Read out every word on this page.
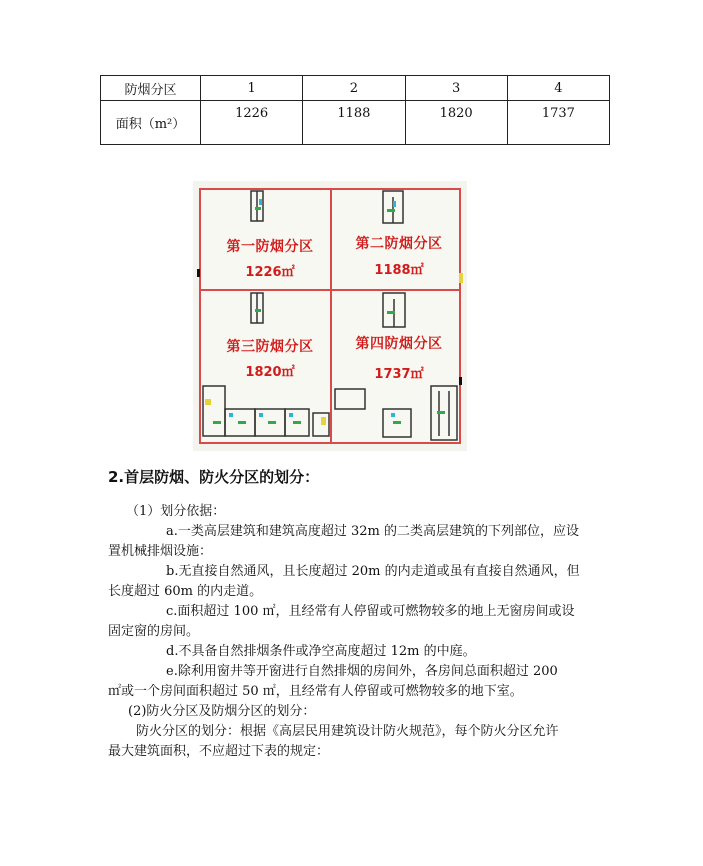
防烟分区	1	2	3	4
面积（m²）	1226	1188	1820	1737
第一防烟分区
1226㎡
第二防烟分区
1188㎡
第三防烟分区
1820㎡
第四防烟分区
1737㎡
2.首层防烟、防火分区的划分：
（1）划分依据：
a.一类高层建筑和建筑高度超过 32m 的二类高层建筑的下列部位，应设
置机械排烟设施：
b.无直接自然通风，且长度超过 20m 的内走道或虽有直接自然通风，但
长度超过 60m 的内走道。
c.面积超过 100 ㎡，且经常有人停留或可燃物较多的地上无窗房间或设
固定窗的房间。
d.不具备自然排烟条件或净空高度超过 12m 的中庭。
e.除利用窗井等开窗进行自然排烟的房间外，各房间总面积超过 200
㎡或一个房间面积超过 50 ㎡，且经常有人停留或可燃物较多的地下室。
(2)防火分区及防烟分区的划分：
防火分区的划分：根据《高层民用建筑设计防火规范》，每个防火分区允许
最大建筑面积，不应超过下表的规定：
